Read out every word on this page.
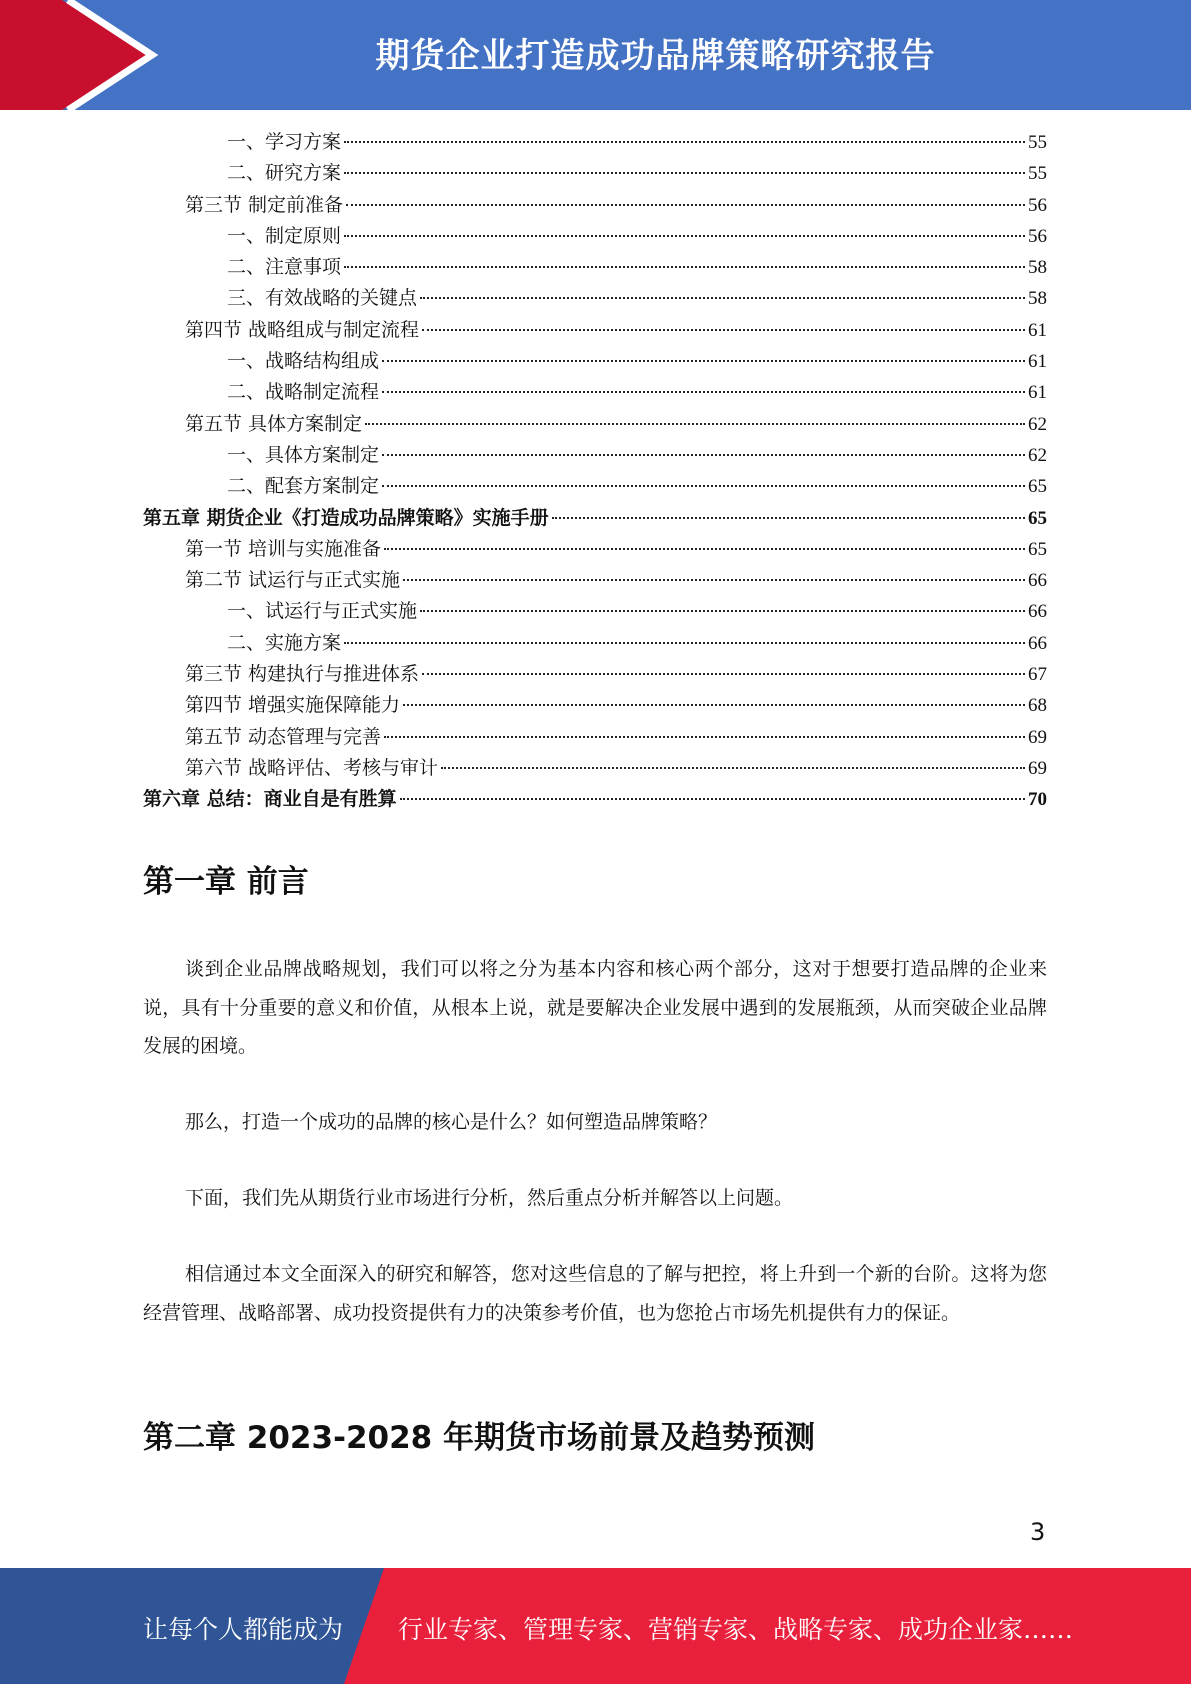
期货企业打造成功品牌策略研究报告
一、学习方案	55
二、研究方案	55
第三节 制定前准备	56
一、制定原则	56
二、注意事项	58
三、有效战略的关键点	58
第四节 战略组成与制定流程	61
一、战略结构组成	61
二、战略制定流程	61
第五节 具体方案制定	62
一、具体方案制定	62
二、配套方案制定	65
第五章 期货企业《打造成功品牌策略》实施手册	65
第一节 培训与实施准备	65
第二节 试运行与正式实施	66
一、试运行与正式实施	66
二、实施方案	66
第三节 构建执行与推进体系	67
第四节 增强实施保障能力	68
第五节 动态管理与完善	69
第六节 战略评估、考核与审计	69
第六章 总结：商业自是有胜算	70
第一章 前言

谈到企业品牌战略规划，我们可以将之分为基本内容和核心两个部分，这对于想要打造品牌的企业来说，具有十分重要的意义和价值，从根本上说，就是要解决企业发展中遇到的发展瓶颈，从而突破企业品牌发展的困境。

那么，打造一个成功的品牌的核心是什么？如何塑造品牌策略？

下面，我们先从期货行业市场进行分析，然后重点分析并解答以上问题。

相信通过本文全面深入的研究和解答，您对这些信息的了解与把控，将上升到一个新的台阶。这将为您经营管理、战略部署、成功投资提供有力的决策参考价值，也为您抢占市场先机提供有力的保证。

第二章 2023-2028 年期货市场前景及趋势预测
3
让每个人都能成为 行业专家、管理专家、营销专家、战略专家、成功企业家……
